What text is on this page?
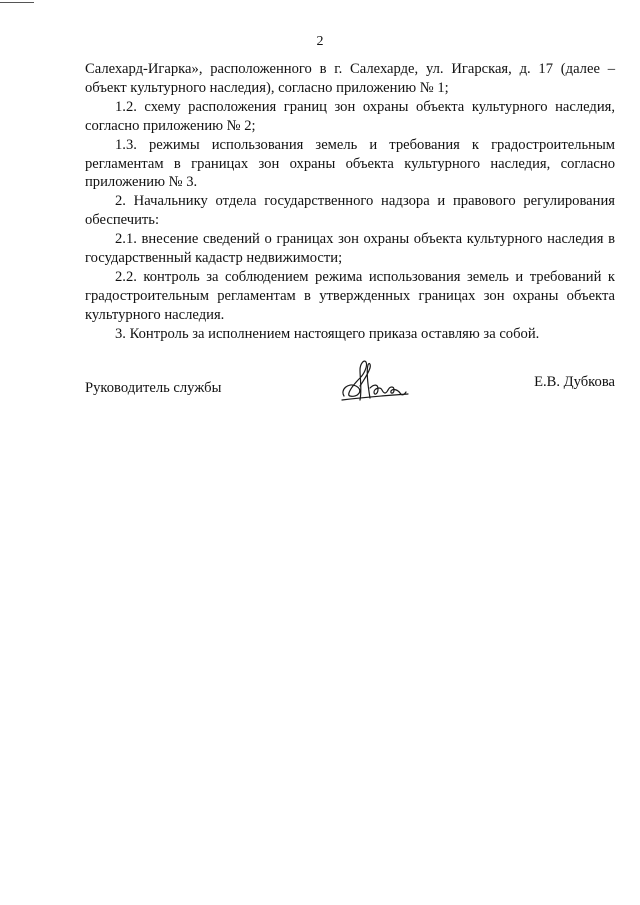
2

Салехард-Игарка», расположенного в г. Салехарде, ул. Игарская, д. 17 (далее – объект культурного наследия), согласно приложению № 1;

1.2. схему расположения границ зон охраны объекта культурного наследия, согласно приложению № 2;

1.3. режимы использования земель и требования к градостроительным регламентам в границах зон охраны объекта культурного наследия, согласно приложению № 3.

2. Начальнику отдела государственного надзора и правового регулирования обеспечить:

2.1. внесение сведений о границах зон охраны объекта культурного наследия в государственный кадастр недвижимости;

2.2. контроль за соблюдением режима использования земель и требований к градостроительным регламентам в утвержденных границах зон охраны объекта культурного наследия.

3. Контроль за исполнением настоящего приказа оставляю за собой.

Руководитель службы	Е.В. Дубкова
